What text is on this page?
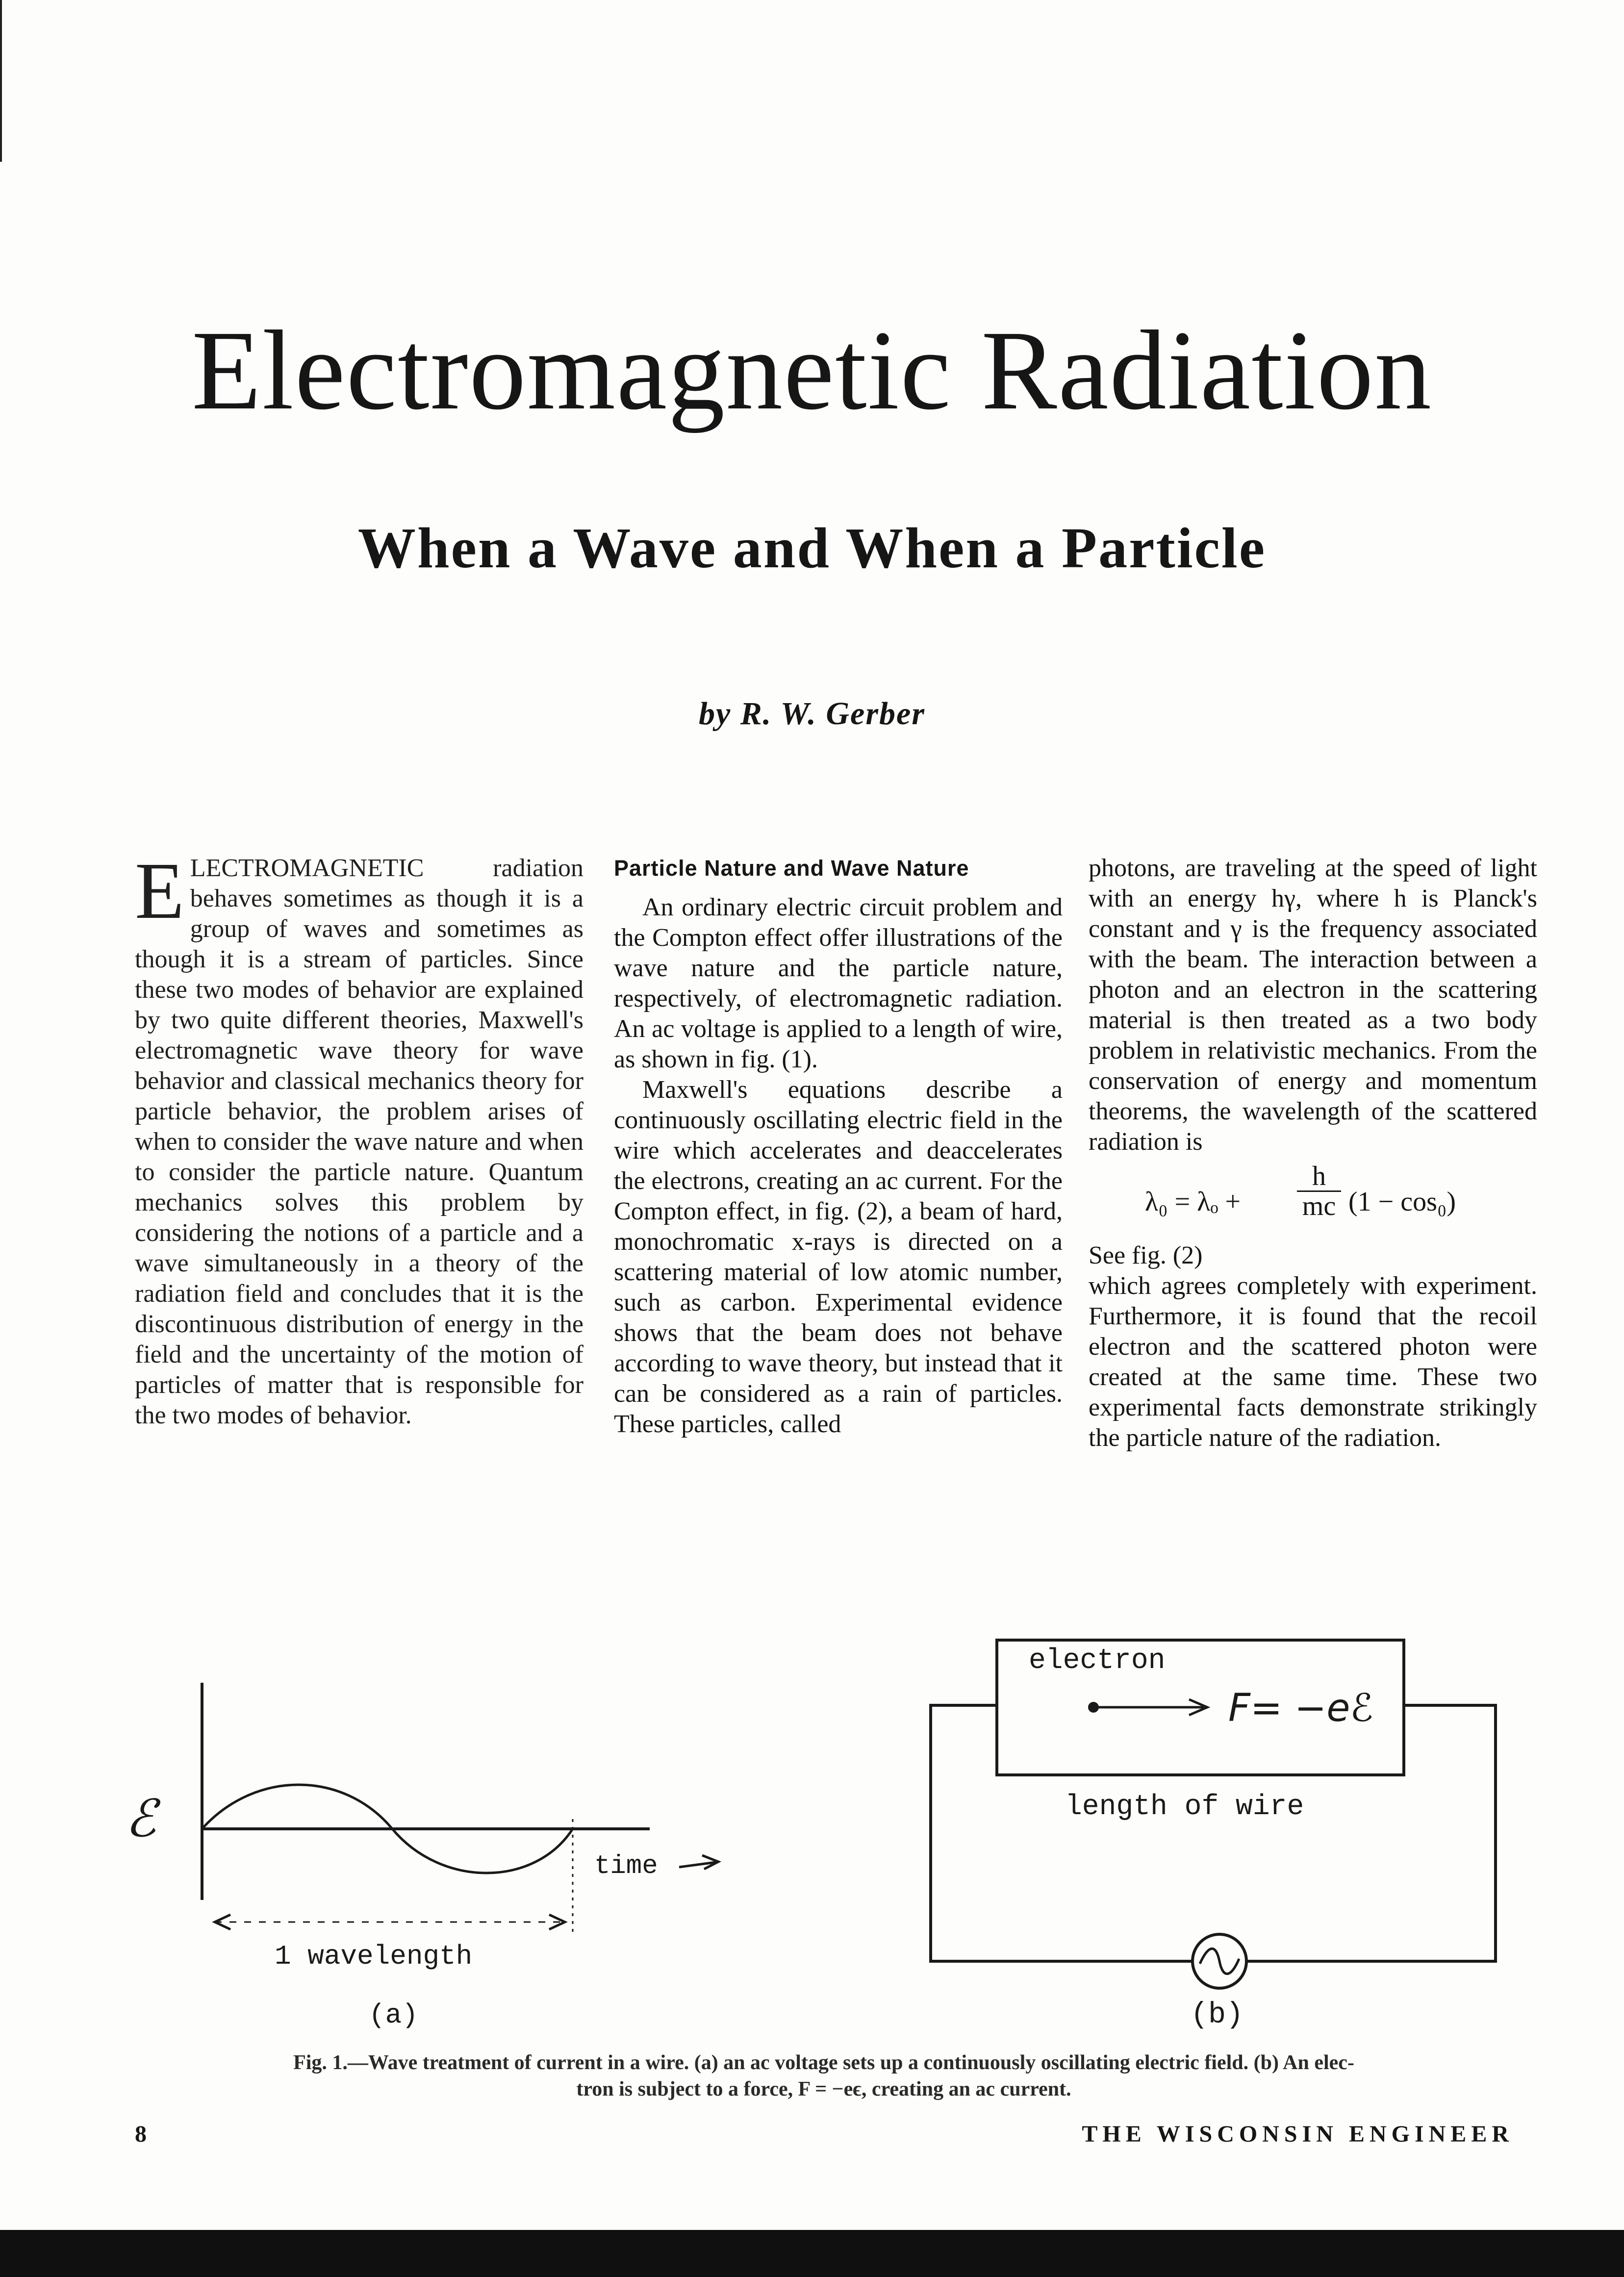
Electromagnetic Radiation
When a Wave and When a Particle
by R. W. Gerber

ELECTROMAGNETIC radiation behaves sometimes as though it is a group of waves and sometimes as though it is a stream of particles. Since these two modes of behavior are explained by two quite different theories, Maxwell's electromagnetic wave theory for wave behavior and classical mechanics theory for particle behavior, the problem arises of when to consider the wave nature and when to consider the particle nature. Quantum mechanics solves this problem by considering the notions of a particle and a wave simultaneously in a theory of the radiation field and concludes that it is the discontinuous distribution of energy in the field and the uncertainty of the motion of particles of matter that is responsible for the two modes of behavior.

Particle Nature and Wave Nature

An ordinary electric circuit problem and the Compton effect offer illustrations of the wave nature and the particle nature, respectively, of electromagnetic radiation. An ac voltage is applied to a length of wire, as shown in fig. (1).

Maxwell's equations describe a continuously oscillating electric field in the wire which accelerates and deaccelerates the electrons, creating an ac current. For the Compton effect, in fig. (2), a beam of hard, monochromatic x-rays is directed on a scattering material of low atomic number, such as carbon. Experimental evidence shows that the beam does not behave according to wave theory, but instead that it can be considered as a rain of particles. These particles, called

photons, are traveling at the speed of light with an energy hγ, where h is Planck's constant and γ is the frequency associated with the beam. The interaction between a photon and an electron in the scattering material is then treated as a two body problem in relativistic mechanics. From the conservation of energy and momentum theorems, the wavelength of the scattered radiation is

$\lambda_0 = \lambda_o + \frac{h}{mc} (1 - \cos_0)$

See fig. (2)

which agrees completely with experiment. Furthermore, it is found that the recoil electron and the scattered photon were created at the same time. These two experimental facts demonstrate strikingly the particle nature of the radiation.

ℰ
time
1 wavelength
(a)
electron
F= −eℰ
length of wire
(b)
Fig. 1.—Wave treatment of current in a wire. (a) an ac voltage sets up a continuously oscillating electric field. (b) An elec-
tron is subject to a force, F = −eϵ, creating an ac current.
8	THE WISCONSIN ENGINEER
